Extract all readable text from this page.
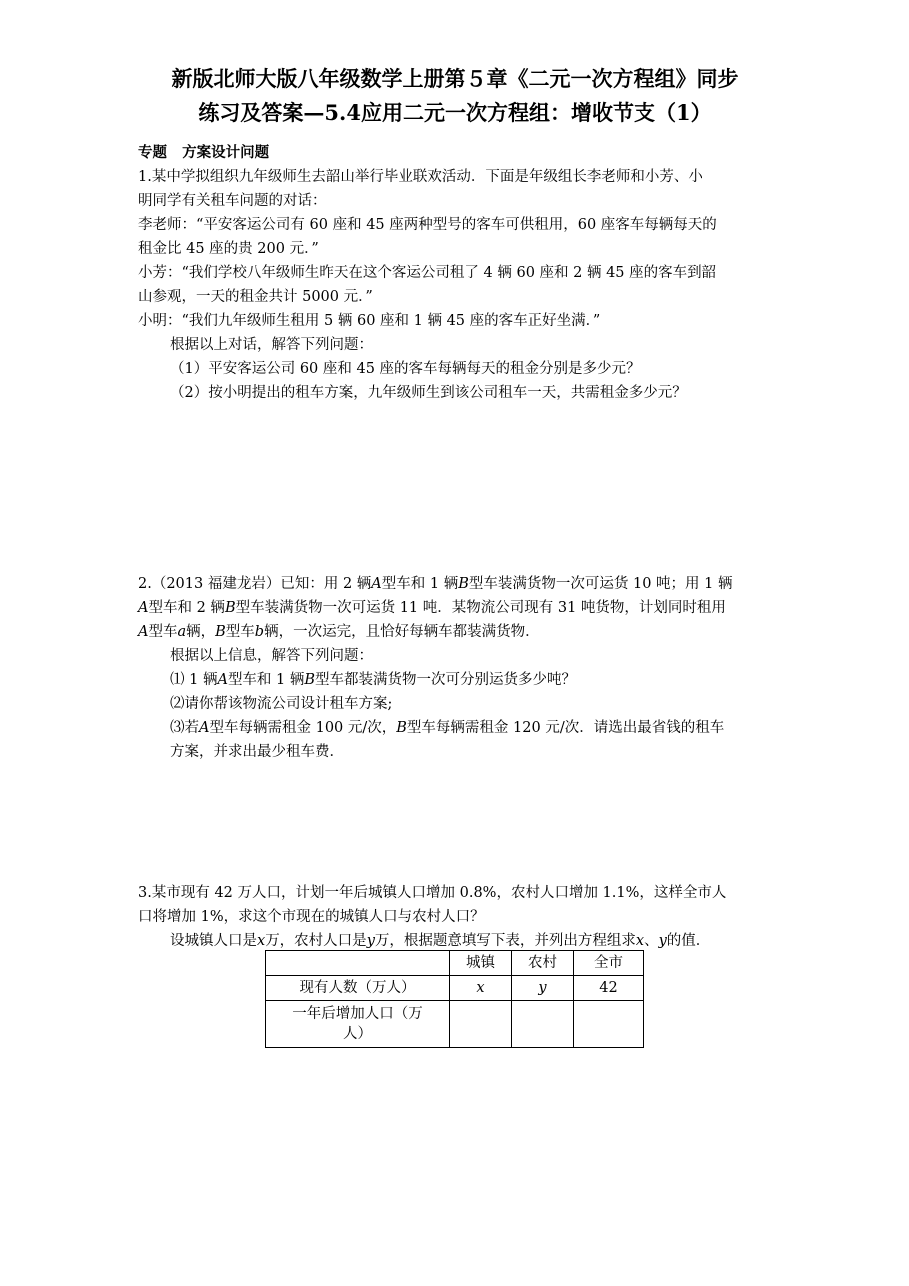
新版北师大版八年级数学上册第５章《二元一次方程组》同步
练习及答案—5.4应用二元一次方程组：增收节支（1）
专题 方案设计问题
1.某中学拟组织九年级师生去韶山举行毕业联欢活动．下面是年级组长李老师和小芳、小
明同学有关租车问题的对话：
李老师：“平安客运公司有 60 座和 45 座两种型号的客车可供租用，60 座客车每辆每天的
租金比 45 座的贵 200 元．”
小芳：“我们学校八年级师生昨天在这个客运公司租了 4 辆 60 座和 2 辆 45 座的客车到韶
山参观，一天的租金共计 5000 元．”
小明：“我们九年级师生租用 5 辆 60 座和 1 辆 45 座的客车正好坐满．”
根据以上对话，解答下列问题：
（1）平安客运公司 60 座和 45 座的客车每辆每天的租金分别是多少元？
（2）按小明提出的租车方案，九年级师生到该公司租车一天，共需租金多少元？
2.（2013 福建龙岩）已知：用 2 辆A型车和 1 辆B型车装满货物一次可运货 10 吨；用 1 辆
A型车和 2 辆B型车装满货物一次可运货 11 吨．某物流公司现有 31 吨货物，计划同时租用
A型车a辆，B型车b辆，一次运完，且恰好每辆车都装满货物．
根据以上信息，解答下列问题：
⑴ 1 辆A型车和 1 辆B型车都装满货物一次可分别运货多少吨？
⑵请你帮该物流公司设计租车方案;
⑶若A型车每辆需租金 100 元/次，B型车每辆需租金 120 元/次．请选出最省钱的租车
方案，并求出最少租车费．
3.某市现有 42 万人口，计划一年后城镇人口增加 0.8%，农村人口增加 1.1%，这样全市人
口将增加 1%，求这个市现在的城镇人口与农村人口？
设城镇人口是x万，农村人口是y万，根据题意填写下表，并列出方程组求x、y的值．
	城镇	农村	全市
现有人数（万人）	x	y	42

一年后增加人口（万
人）			
